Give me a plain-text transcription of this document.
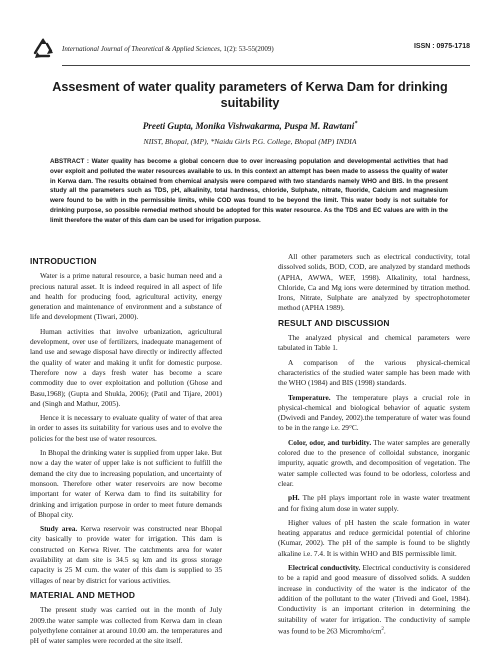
International Journal of Theoretical & Applied Sciences, 1(2): 53-55(2009)	ISSN : 0975-1718
Assesment of water quality parameters of Kerwa Dam for drinking suitability
Preeti Gupta, Monika Vishwakarma, Puspa M. Rawtani*
NIIST, Bhopal, (MP), *Naidu Girls P.G. College, Bhopal (MP) INDIA

ABSTRACT : Water quality has become a global concern due to over increasing population and developmental activities that had over exploit and polluted the water resources available to us. In this context an attempt has been made to assess the quality of water in Kerwa dam. The results obtained from chemical analysis were compared with two standards namely WHO and BIS. In the present study all the parameters such as TDS, pH, alkalinity, total hardness, chloride, Sulphate, nitrate, fluoride, Calcium and magnesium were found to be with in the permissible limits, while COD was found to be beyond the limit. This water body is not suitable for drinking purpose, so possible remedial method should be adopted for this water resource. As the TDS and EC values are with in the limit therefore the water of this dam can be used for irrigation purpose.

INTRODUCTION

Water is a prime natural resource, a basic human need and a precious natural asset. It is indeed required in all aspect of life and health for producing food, agricultural activity, energy generation and maintenance of environment and a substance of life and development (Tiwari, 2000).

Human activities that involve urbanization, agricultural development, over use of fertilizers, inadequate management of land use and sewage disposal have directly or indirectly affected the quality of water and making it unfit for domestic purpose. Therefore now a days fresh water has become a scare commodity due to over exploitation and pollution (Ghose and Basu,1968); (Gupta and Shukla, 2006); (Patil and Tijare, 2001) and (Singh and Mathur, 2005).

Hence it is necessary to evaluate quality of water of that area in order to asses its suitability for various uses and to evolve the policies for the best use of water resources.

In Bhopal the drinking water is supplied from upper lake. But now a day the water of upper lake is not sufficient to fulfill the demand the city due to increasing population, and uncertainty of monsoon. Therefore other water reservoirs are now become important for water of Kerwa dam to find its suitability for drinking and irrigation purpose in order to meet future demands of Bhopal city.

Study area. Kerwa reservoir was constructed near Bhopal city basically to provide water for irrigation. This dam is constructed on Kerwa River. The catchments area for water availability at dam site is 34.5 sq km and its gross storage capacity is 25 M cum. the water of this dam is supplied to 35 villages of near by district for various activities.

MATERIAL AND METHOD

The present study was carried out in the month of July 2009.the water sample was collected from Kerwa dam in clean polyethylene container at around 10.00 am. the temperatures and pH of water samples were recorded at the site itself.

All other parameters such as electrical conductivity, total dissolved solids, BOD, COD, are analyzed by standard methods (APHA, AWWA, WEF, 1998). Alkalinity, total hardness, Chloride, Ca and Mg ions were determined by titration method. Irons, Nitrate, Sulphate are analyzed by spectrophotometer method (APHA 1989).

RESULT AND DISCUSSION

The analyzed physical and chemical parameters were tabulated in Table 1.

A comparison of the various physical-chemical characteristics of the studied water sample has been made with the WHO (1984) and BIS (1998) standards.

Temperature. The temperature plays a crucial role in physical-chemical and biological behavior of aquatic system (Dwivedi and Pandey, 2002).the temperature of water was found to be in the range i.e. 29°C.

Color, odor, and turbidity. The water samples are generally colored due to the presence of colloidal substance, inorganic impurity, aquatic growth, and decomposition of vegetation. The water sample collected was found to be odorless, colorless and clear.

pH. The pH plays important role in waste water treatment and for fixing alum dose in water supply.

Higher values of pH hasten the scale formation in water heating apparatus and reduce germicidal potential of chlorine (Kumar, 2002). The pH of the sample is found to be slightly alkaline i.e. 7.4. It is within WHO and BIS permissible limit.

Electrical conductivity. Electrical conductivity is considered to be a rapid and good measure of dissolved solids. A sudden increase in conductivity of the water is the indicator of the addition of the pollutant to the water (Trivedi and Goel, 1984). Conductivity is an important criterion in determining the suitability of water for irrigation. The conductivity of sample was found to be 263 Micromho/$cm^2$.
